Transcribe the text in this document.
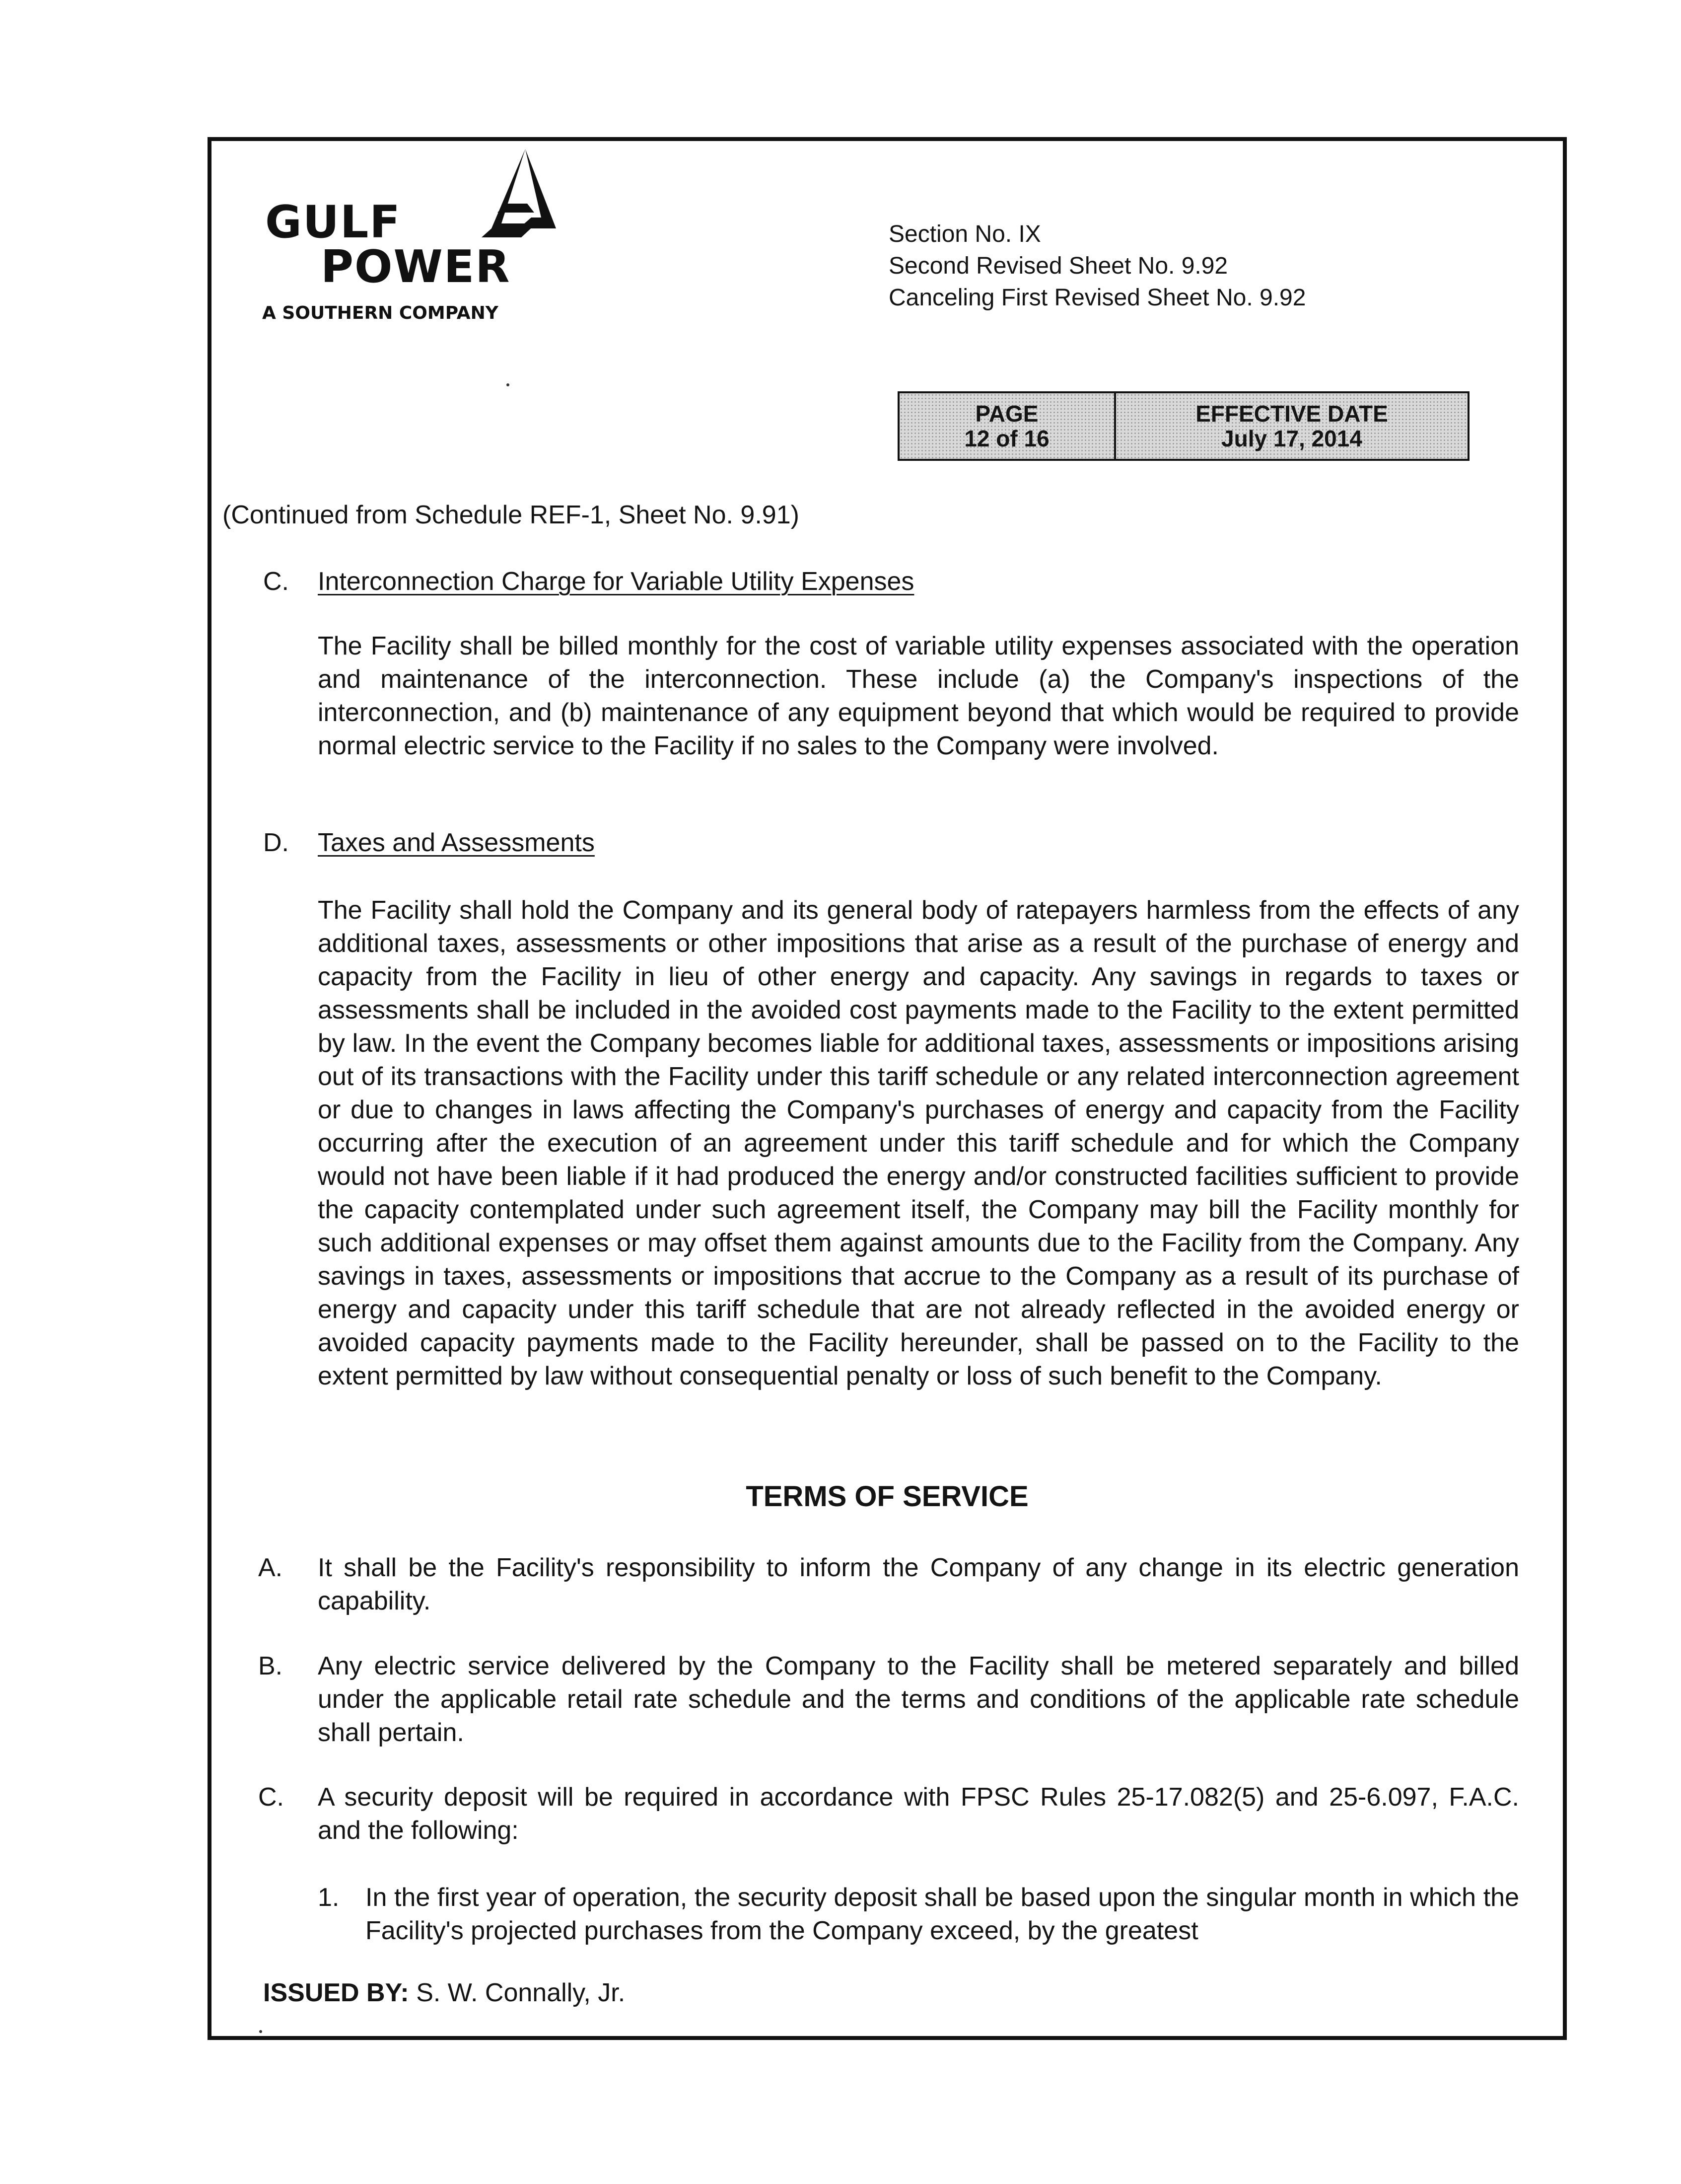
GULF
POWER
A SOUTHERN COMPANY
Section No. IX
Second Revised Sheet No. 9.92
Canceling First Revised Sheet No. 9.92
PAGE
12 of 16
EFFECTIVE DATE
July 17, 2014
(Continued from Schedule REF-1, Sheet No. 9.91)
C. Interconnection Charge for Variable Utility Expenses

The Facility shall be billed monthly for the cost of variable utility expenses associated with the operation and maintenance of the interconnection. These include (a) the Company's inspections of the interconnection, and (b) maintenance of any equipment beyond that which would be required to provide normal electric service to the Facility if no sales to the Company were involved.

D. Taxes and Assessments

The Facility shall hold the Company and its general body of ratepayers harmless from the effects of any additional taxes, assessments or other impositions that arise as a result of the purchase of energy and capacity from the Facility in lieu of other energy and capacity. Any savings in regards to taxes or assessments shall be included in the avoided cost payments made to the Facility to the extent permitted by law. In the event the Company becomes liable for additional taxes, assessments or impositions arising out of its transactions with the Facility under this tariff schedule or any related interconnection agreement or due to changes in laws affecting the Company's purchases of energy and capacity from the Facility occurring after the execution of an agreement under this tariff schedule and for which the Company would not have been liable if it had produced the energy and/or constructed facilities sufficient to provide the capacity contemplated under such agreement itself, the Company may bill the Facility monthly for such additional expenses or may offset them against amounts due to the Facility from the Company. Any savings in taxes, assessments or impositions that accrue to the Company as a result of its purchase of energy and capacity under this tariff schedule that are not already reflected in the avoided energy or avoided capacity payments made to the Facility hereunder, shall be passed on to the Facility to the extent permitted by law without consequential penalty or loss of such benefit to the Company.

TERMS OF SERVICE
A. It shall be the Facility's responsibility to inform the Company of any change in its electric generation capability.

B. Any electric service delivered by the Company to the Facility shall be metered separately and billed under the applicable retail rate schedule and the terms and conditions of the applicable rate schedule shall pertain.

C. A security deposit will be required in accordance with FPSC Rules 25-17.082(5) and 25-6.097, F.A.C. and the following:

1. In the first year of operation, the security deposit shall be based upon the singular month in which the Facility's projected purchases from the Company exceed, by the greatest

ISSUED BY: S. W. Connally, Jr.
